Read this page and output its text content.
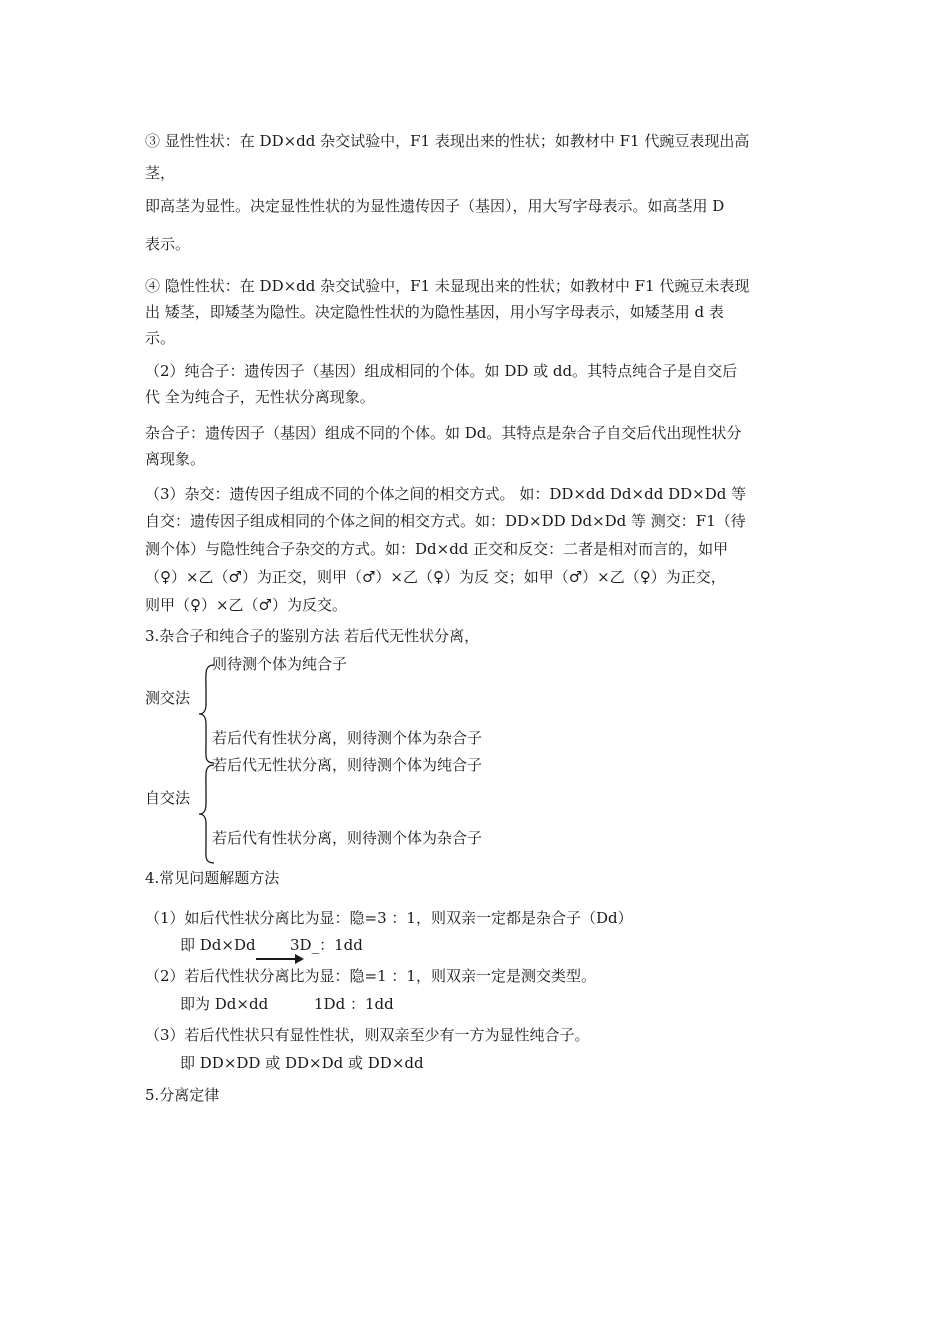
③ 显性性状：在 DD×dd 杂交试验中，F1 表现出来的性状；如教材中 F1 代豌豆表现出高
茎，
即高茎为显性。决定显性性状的为显性遗传因子（基因），用大写字母表示。如高茎用 D
表示。
④ 隐性性状：在 DD×dd 杂交试验中，F1 未显现出来的性状；如教材中 F1 代豌豆未表现
出 矮茎，即矮茎为隐性。决定隐性性状的为隐性基因，用小写字母表示，如矮茎用 d 表
示。
（2）纯合子：遗传因子（基因）组成相同的个体。如 DD 或 dd。其特点纯合子是自交后
代 全为纯合子，无性状分离现象。
杂合子：遗传因子（基因）组成不同的个体。如 Dd。其特点是杂合子自交后代出现性状分
离现象。
（3）杂交：遗传因子组成不同的个体之间的相交方式。 如：DD×dd Dd×dd DD×Dd 等
自交：遗传因子组成相同的个体之间的相交方式。如：DD×DD Dd×Dd 等 测交：F1（待
测个体）与隐性纯合子杂交的方式。如：Dd×dd 正交和反交：二者是相对而言的，如甲
（♀）×乙（♂）为正交，则甲（♂）×乙（♀）为反 交；如甲（♂）×乙（♀）为正交，
则甲（♀）×乙（♂）为反交。
3.杂合子和纯合子的鉴别方法 若后代无性状分离，
则待测个体为纯合子
测交法
若后代有性状分离，则待测个体为杂合子
若后代无性状分离，则待测个体为纯合子
自交法
若后代有性状分离，则待测个体为杂合子
4.常见问题解题方法
（1）如后代性状分离比为显：隐=3 ：1，则双亲一定都是杂合子（Dd）
即 Dd×Dd 3D_：1dd
（2）若后代性状分离比为显：隐=1 ：1，则双亲一定是测交类型。
即为 Dd×dd	1Dd ：1dd
（3）若后代性状只有显性性状，则双亲至少有一方为显性纯合子。
即 DD×DD 或 DD×Dd 或 DD×dd
5.分离定律
